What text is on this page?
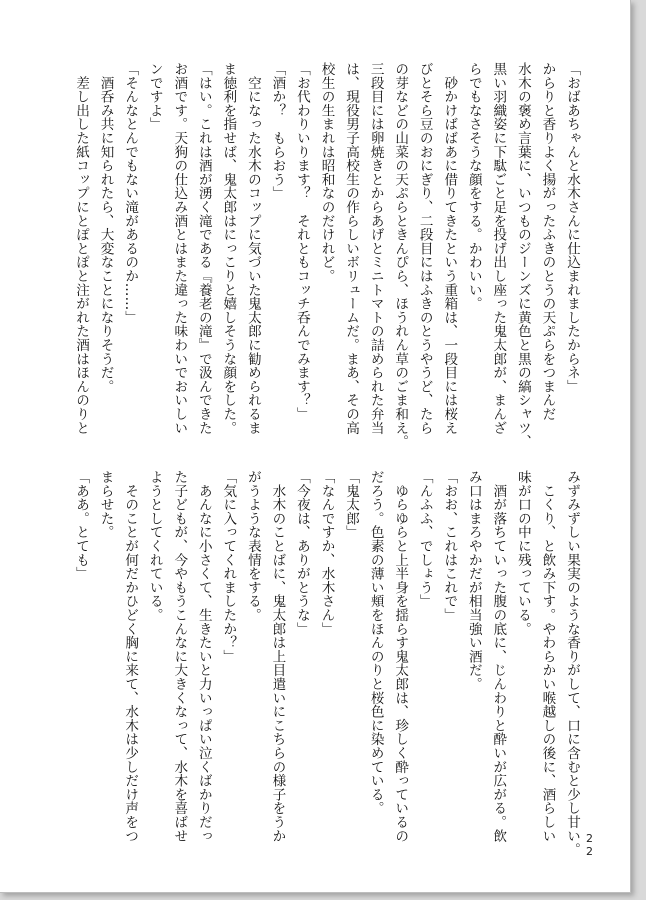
「おばあちゃんと水木さんに仕込まれましたからネ」

からりと香りよく揚がったふきのとうの天ぷらをつまんだ

水木の褒め言葉に、いつものジーンズに黄色と黒の縞シャツ、

黒い羽織姿に下駄ごと足を投げ出し座った鬼太郎が、まんざ

らでもなさそうな顔をする。かわいい。

　砂かけばばあに借りてきたという重箱は、一段目には桜え

びとそら豆のおにぎり、二段目にはふきのとうやうど、たら

の芽などの山菜の天ぷらときんぴら、ほうれん草のごま和え。

三段目には卵焼きとからあげとミニトマトの詰められた弁当

は、現役男子高校生の作らしいボリュームだ。まあ、その高

校生の生まれは昭和なのだけれど。

「お代わりいります？　それともコッチ呑んでみます？」

「酒か？　もらおう」

　空になった水木のコップに気づいた鬼太郎に勧められるま

ま徳利を指せば、鬼太郎はにっこりと嬉しそうな顔をした。

「はい。これは酒が湧く滝である『養老の滝』で汲んできた

お酒です。天狗の仕込み酒とはまた違った味わいでおいしい

ンですよ」

「そんなとんでもない滝があるのか……」

　酒呑み共に知られたら、大変なことになりそうだ。

　差し出した紙コップにとぽとぽと注がれた酒はほんのりと

みずみずしい果実のような香りがして、口に含むと少し甘い。

　こくり、と飲み下す。やわらかい喉越しの後に、酒らしい

味が口の中に残っている。

　酒が落ちていった腹の底に、じんわりと酔いが広がる。飲

み口はまろやかだが相当強い酒だ。

「おお、これはこれで」

「んふふ、でしょう」

　ゆらゆらと上半身を揺らす鬼太郎は、珍しく酔っているの

だろう。色素の薄い頬をほんのりと桜色に染めている。

「鬼太郎」

「なんですか、水木さん」

「今夜は、ありがとうな」

　水木のことばに、鬼太郎は上目遣いにこちらの様子をうか

がうような表情をする。

「気に入ってくれましたか？」

　あんなに小さくて、生きたいと力いっぱい泣くばかりだっ

た子どもが、今やもうこんなに大きくなって、水木を喜ばせ

ようとしてくれている。

　そのことが何だかひどく胸に来て、水木は少しだけ声をつ

まらせた。

「ああ。とても」

22
